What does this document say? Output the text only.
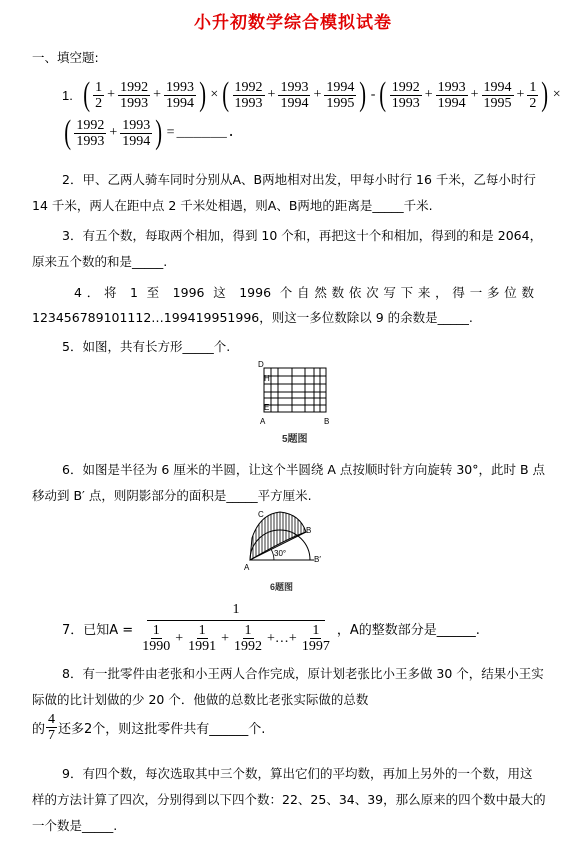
小升初数学综合模拟试卷
一、填空题:
1. ( $\frac{1}{2} + \frac{1992}{1993} + \frac{1993}{1994}$ ) × ( $\frac{1992}{1993} + \frac{1993}{1994} + \frac{1994}{1995}$ ) - ( $\frac{1992}{1993} + \frac{1993}{1994} + \frac{1994}{1995} + \frac{1}{2}$ ) ×
( $\frac{1992}{1993} + \frac{1993}{1994}$ ) = ______.
2．甲、乙两人骑车同时分别从A、B两地相对出发，甲每小时行 16 千米，乙每小时行
14 千米，两人在距中点 2 千米处相遇，则A、B两地的距离是_____千米.
3．有五个数，每取两个相加，得到 10 个和，再把这十个和相加，得到的和是 2064，
原来五个数的和是_____.
4．将 1 至 1996 这 1996 个自然数依次写下来，得一多位数
123456789101112…199419951996，则这一多位数除以 9 的余数是_____.
5．如图，共有长方形_____个.
D
H
E
A	B
5题图
6．如图是半径为 6 厘米的半圆，让这个半圆绕 A 点按顺时针方向旋转 30°，此时 B 点
移动到 B′ 点，则阴影部分的面积是_____平方厘米.
C
B
B′
A
30°
6题图
7．已知A =
1
$\frac{1}{1990} + \frac{1}{1991} + \frac{1}{1992}$ +…+ $\frac{1}{1997}$ ，A的整数部分是______.
8．有一批零件由老张和小王两人合作完成，原计划老张比小王多做 30 个，结果小王实
际做的比计划做的少 20 个．他做的总数比老张实际做的总数
的 $\frac{4}{7}$ 还多2个，则这批零件共有______个.
9．有四个数，每次选取其中三个数，算出它们的平均数，再加上另外的一个数，用这
样的方法计算了四次，分别得到以下四个数：22、25、34、39，那么原来的四个数中最大的
一个数是_____.
